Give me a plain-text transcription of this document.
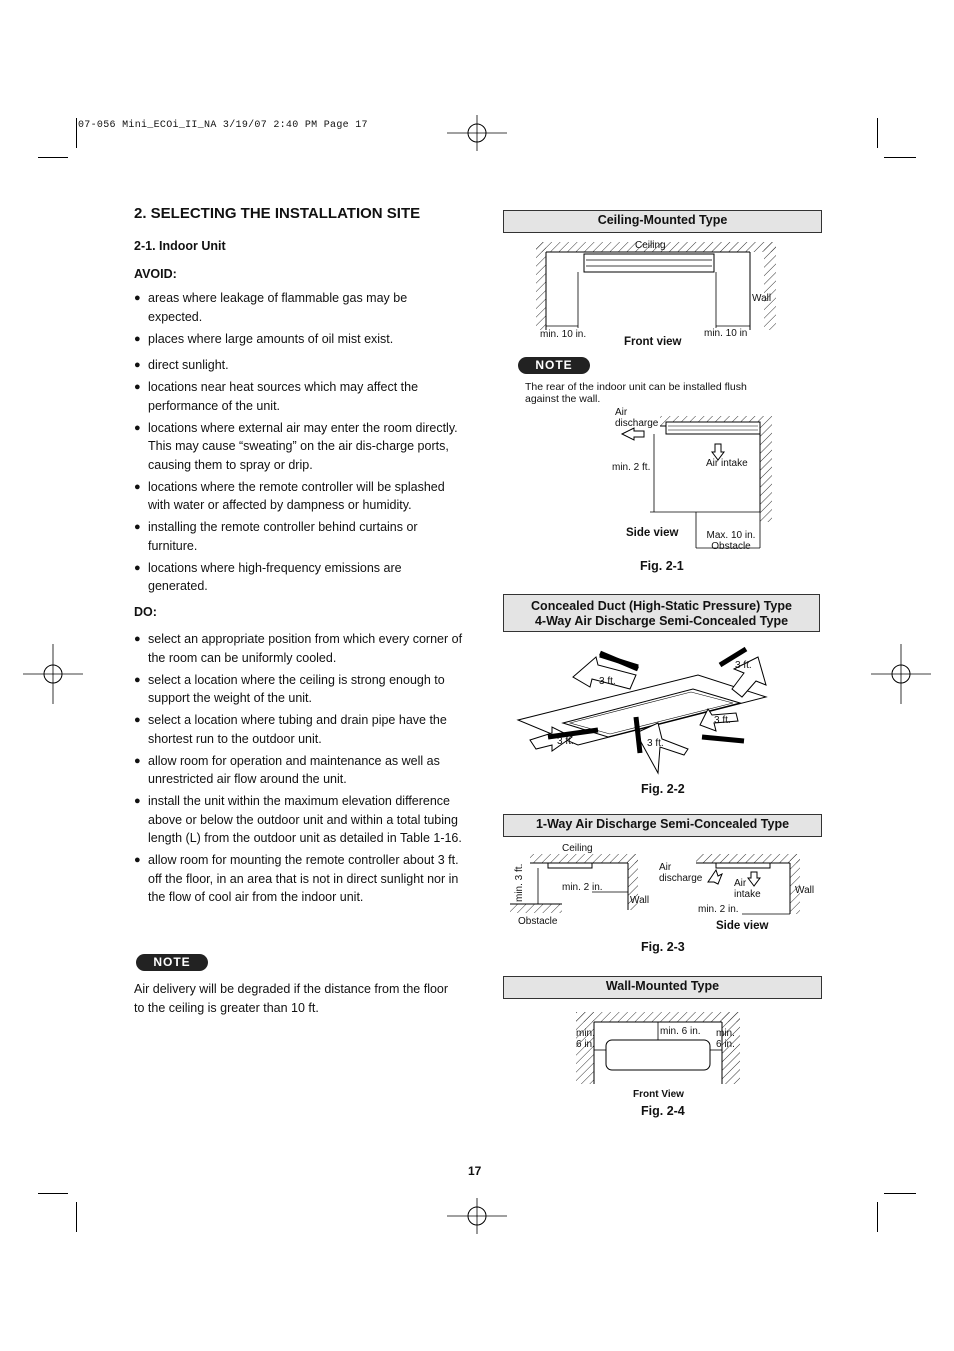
07-056 Mini_ECOi_II_NA 3/19/07 2:40 PM Page 17
2. SELECTING THE INSTALLATION SITE
2-1. Indoor Unit
AVOID:
● areas where leakage of flammable gas may be expected.
● places where large amounts of oil mist exist.
● direct sunlight.
● locations near heat sources which may affect the performance of the unit.
● locations where external air may enter the room directly. This may cause “sweating” on the air dis-charge ports, causing them to spray or drip.
● locations where the remote controller will be splashed with water or affected by dampness or humidity.
● installing the remote controller behind curtains or furniture.
● locations where high-frequency emissions are generated.
DO:
● select an appropriate position from which every corner of the room can be uniformly cooled.
● select a location where the ceiling is strong enough to support the weight of the unit.
● select a location where tubing and drain pipe have the shortest run to the outdoor unit.
● allow room for operation and maintenance as well as unrestricted air flow around the unit.
● install the unit within the maximum elevation difference above or below the outdoor unit and within a total tubing length (L) from the outdoor unit as detailed in Table 1-16.
● allow room for mounting the remote controller about 3 ft. off the floor, in an area that is not in direct sunlight nor in the flow of cool air from the indoor unit.
NOTE
Air delivery will be degraded if the distance from the floor to the ceiling is greater than 10 ft.
Ceiling-Mounted Type
Ceiling
Wall
min. 10 in.	min. 10 in
Front view
NOTE
The rear of the indoor unit can be installed flush against the wall.
Air discharge
Air intake
min. 2 ft.
Side view	Max. 10 in. Obstacle
Fig. 2-1
Concealed Duct (High-Static Pressure) Type
4-Way Air Discharge Semi-Concealed Type
3 ft.
3 ft.
3 ft.
3 ft.	3 ft.
Fig. 2-2
1-Way Air Discharge Semi-Concealed Type
Ceiling
min. 3 ft.	min. 2 in.
Wall
Obstacle
Air discharge	Air intake	Wall
min. 2 in.
Side view
Fig. 2-3
Wall-Mounted Type
min. 6 in.
min. 6 in. min. 6 in.
Front View
Fig. 2-4
17
